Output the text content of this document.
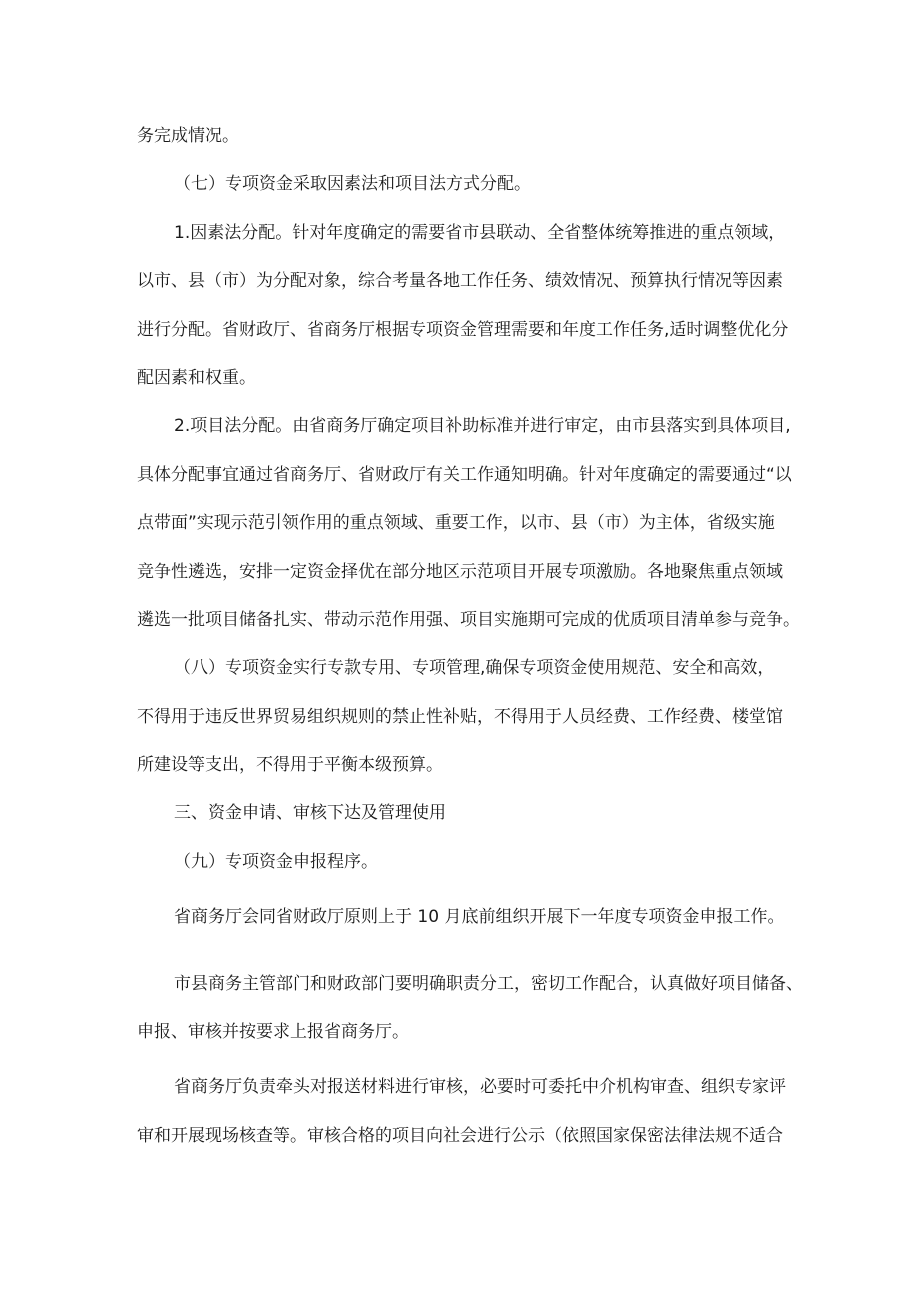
务完成情况。
（七）专项资金采取因素法和项目法方式分配。
1.因素法分配。针对年度确定的需要省市县联动、全省整体统筹推进的重点领域，
以市、县（市）为分配对象，综合考量各地工作任务、绩效情况、预算执行情况等因素
进行分配。省财政厅、省商务厅根据专项资金管理需要和年度工作任务,适时调整优化分
配因素和权重。
2.项目法分配。由省商务厅确定项目补助标准并进行审定，由市县落实到具体项目,
具体分配事宜通过省商务厅、省财政厅有关工作通知明确。针对年度确定的需要通过“以
点带面”实现示范引领作用的重点领域、重要工作，以市、县（市）为主体，省级实施
竞争性遴选，安排一定资金择优在部分地区示范项目开展专项激励。各地聚焦重点领域
遴选一批项目储备扎实、带动示范作用强、项目实施期可完成的优质项目清单参与竞争。
（八）专项资金实行专款专用、专项管理,确保专项资金使用规范、安全和高效，
不得用于违反世界贸易组织规则的禁止性补贴，不得用于人员经费、工作经费、楼堂馆
所建设等支出，不得用于平衡本级预算。
三、资金申请、审核下达及管理使用
（九）专项资金申报程序。
省商务厅会同省财政厅原则上于 10 月底前组织开展下一年度专项资金申报工作。
市县商务主管部门和财政部门要明确职责分工，密切工作配合，认真做好项目储备、
申报、审核并按要求上报省商务厅。
省商务厅负责牵头对报送材料进行审核，必要时可委托中介机构审查、组织专家评
审和开展现场核查等。审核合格的项目向社会进行公示（依照国家保密法律法规不适合
